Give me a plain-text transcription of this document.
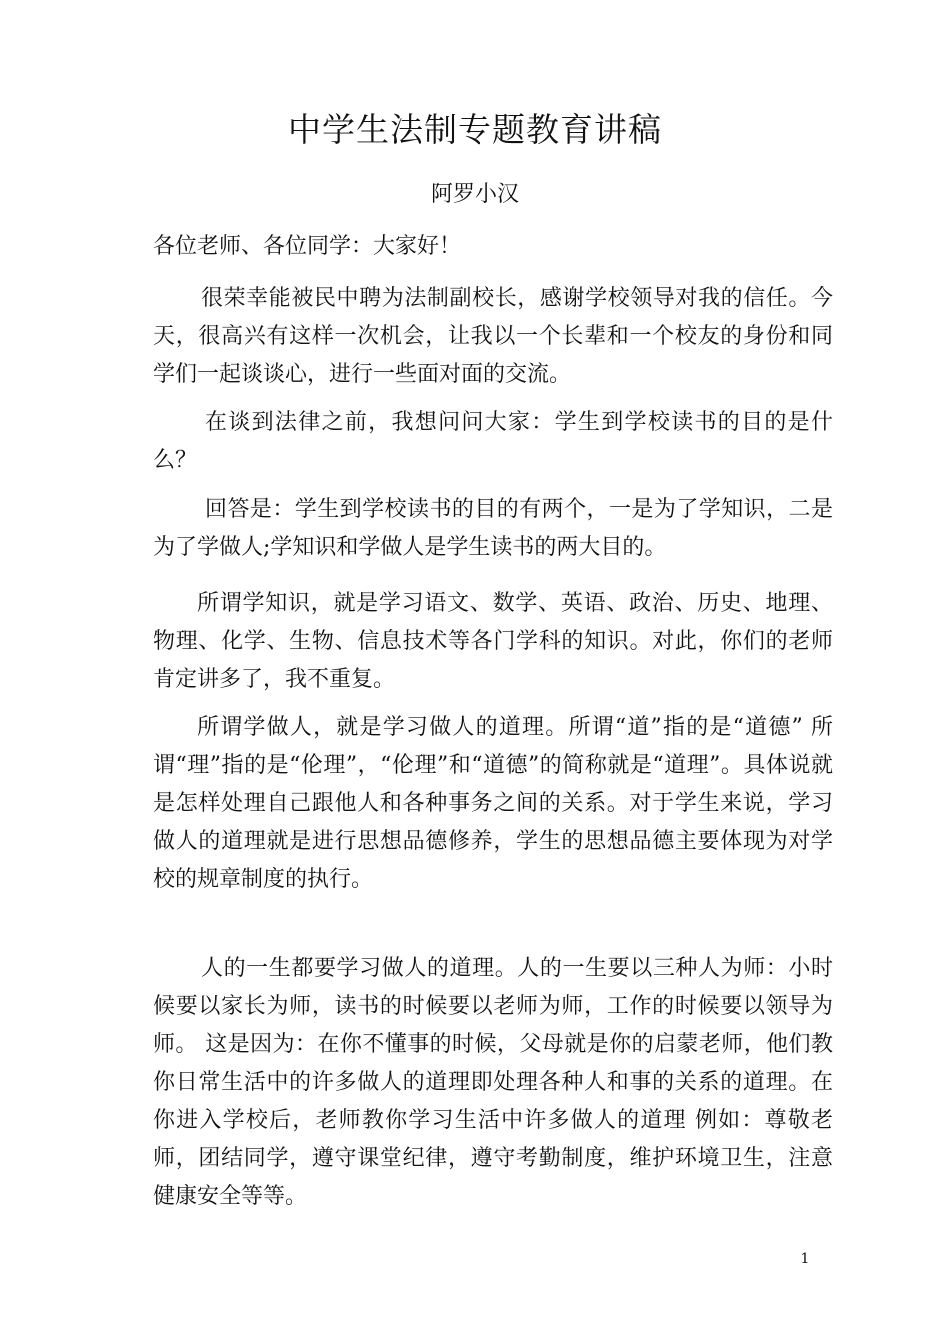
中学生法制专题教育讲稿
阿罗小汉

各位老师、各位同学：大家好！

很荣幸能被民中聘为法制副校长，感谢学校领导对我的信任。今天，很高兴有这样一次机会，让我以一个长辈和一个校友的身份和同学们一起谈谈心，进行一些面对面的交流。

在谈到法律之前，我想问问大家：学生到学校读书的目的是什么？

回答是：学生到学校读书的目的有两个，一是为了学知识，二是为了学做人;学知识和学做人是学生读书的两大目的。

所谓学知识，就是学习语文、数学、英语、政治、历史、地理、物理、化学、生物、信息技术等各门学科的知识。对此，你们的老师肯定讲多了，我不重复。

所谓学做人，就是学习做人的道理。所谓“道”指的是“道德” 所谓“理”指的是“伦理”，“伦理”和“道德”的简称就是“道理”。具体说就是怎样处理自己跟他人和各种事务之间的关系。对于学生来说，学习做人的道理就是进行思想品德修养，学生的思想品德主要体现为对学校的规章制度的执行。

人的一生都要学习做人的道理。人的一生要以三种人为师：小时候要以家长为师，读书的时候要以老师为师，工作的时候要以领导为师。 这是因为：在你不懂事的时候，父母就是你的启蒙老师，他们教你日常生活中的许多做人的道理即处理各种人和事的关系的道理。在你进入学校后，老师教你学习生活中许多做人的道理 例如：尊敬老师，团结同学，遵守课堂纪律，遵守考勤制度，维护环境卫生，注意健康安全等等。

1
